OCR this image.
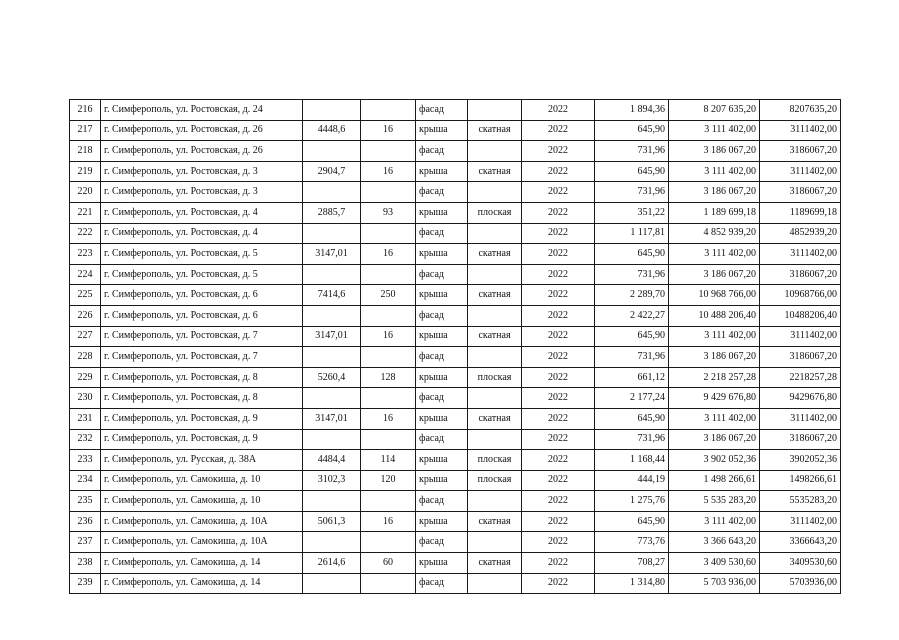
216	г. Симферополь, ул. Ростовская, д. 24			фасад		2022	1 894,36	8 207 635,20	8207635,20
217	г. Симферополь, ул. Ростовская, д. 26	4448,6	16	крыша	скатная	2022	645,90	3 111 402,00	3111402,00
218	г. Симферополь, ул. Ростовская, д. 26			фасад		2022	731,96	3 186 067,20	3186067,20
219	г. Симферополь, ул. Ростовская, д. 3	2904,7	16	крыша	скатная	2022	645,90	3 111 402,00	3111402,00
220	г. Симферополь, ул. Ростовская, д. 3			фасад		2022	731,96	3 186 067,20	3186067,20
221	г. Симферополь, ул. Ростовская, д. 4	2885,7	93	крыша	плоская	2022	351,22	1 189 699,18	1189699,18
222	г. Симферополь, ул. Ростовская, д. 4			фасад		2022	1 117,81	4 852 939,20	4852939,20
223	г. Симферополь, ул. Ростовская, д. 5	3147,01	16	крыша	скатная	2022	645,90	3 111 402,00	3111402,00
224	г. Симферополь, ул. Ростовская, д. 5			фасад		2022	731,96	3 186 067,20	3186067,20
225	г. Симферополь, ул. Ростовская, д. 6	7414,6	250	крыша	скатная	2022	2 289,70	10 968 766,00	10968766,00
226	г. Симферополь, ул. Ростовская, д. 6			фасад		2022	2 422,27	10 488 206,40	10488206,40
227	г. Симферополь, ул. Ростовская, д. 7	3147,01	16	крыша	скатная	2022	645,90	3 111 402,00	3111402,00
228	г. Симферополь, ул. Ростовская, д. 7			фасад		2022	731,96	3 186 067,20	3186067,20
229	г. Симферополь, ул. Ростовская, д. 8	5260,4	128	крыша	плоская	2022	661,12	2 218 257,28	2218257,28
230	г. Симферополь, ул. Ростовская, д. 8			фасад		2022	2 177,24	9 429 676,80	9429676,80
231	г. Симферополь, ул. Ростовская, д. 9	3147,01	16	крыша	скатная	2022	645,90	3 111 402,00	3111402,00
232	г. Симферополь, ул. Ростовская, д. 9			фасад		2022	731,96	3 186 067,20	3186067,20
233	г. Симферополь, ул. Русская, д. 38А	4484,4	114	крыша	плоская	2022	1 168,44	3 902 052,36	3902052,36
234	г. Симферополь, ул. Самокиша, д. 10	3102,3	120	крыша	плоская	2022	444,19	1 498 266,61	1498266,61
235	г. Симферополь, ул. Самокиша, д. 10			фасад		2022	1 275,76	5 535 283,20	5535283,20
236	г. Симферополь, ул. Самокиша, д. 10А	5061,3	16	крыша	скатная	2022	645,90	3 111 402,00	3111402,00
237	г. Симферополь, ул. Самокиша, д. 10А			фасад		2022	773,76	3 366 643,20	3366643,20
238	г. Симферополь, ул. Самокиша, д. 14	2614,6	60	крыша	скатная	2022	708,27	3 409 530,60	3409530,60
239	г. Симферополь, ул. Самокиша, д. 14			фасад		2022	1 314,80	5 703 936,00	5703936,00
